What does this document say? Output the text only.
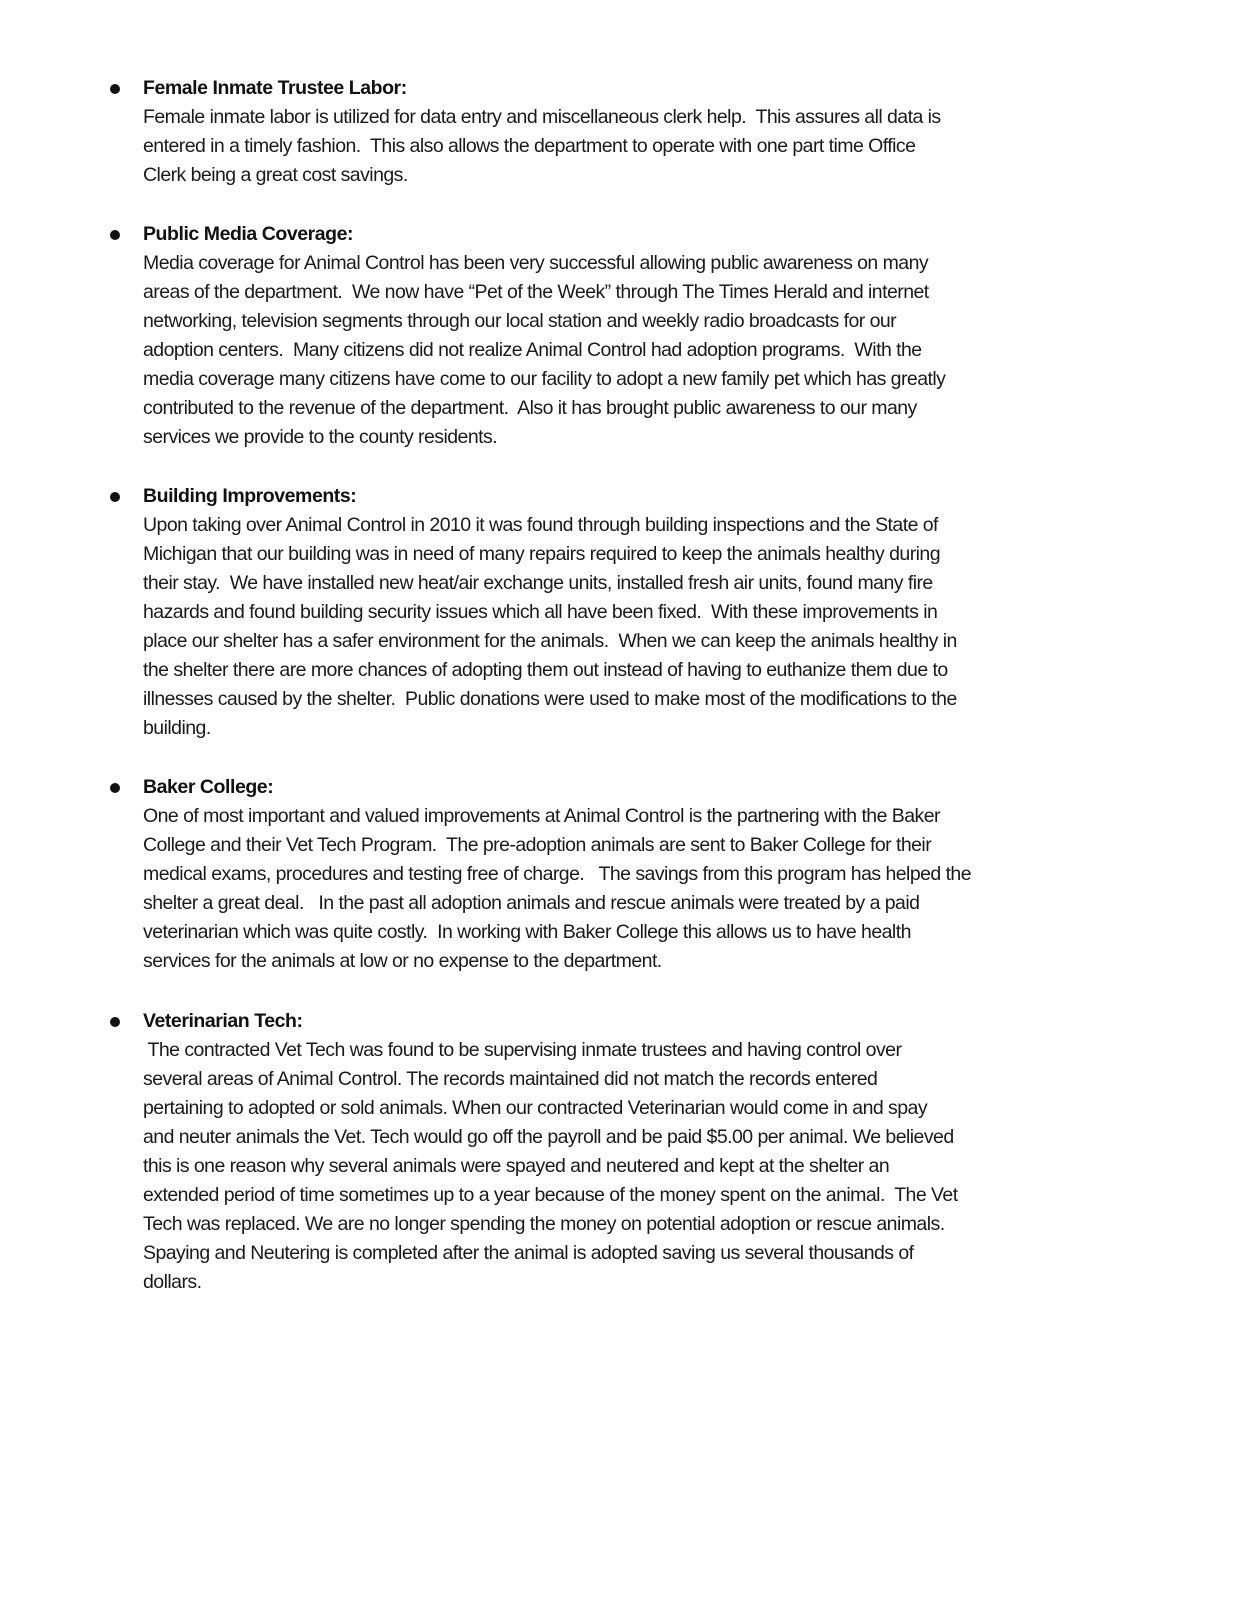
Female Inmate Trustee Labor:
Female inmate labor is utilized for data entry and miscellaneous clerk help.  This assures all data is
entered in a timely fashion.  This also allows the department to operate with one part time Office
Clerk being a great cost savings.
Public Media Coverage:
Media coverage for Animal Control has been very successful allowing public awareness on many
areas of the department.  We now have “Pet of the Week” through The Times Herald and internet
networking, television segments through our local station and weekly radio broadcasts for our
adoption centers.  Many citizens did not realize Animal Control had adoption programs.  With the
media coverage many citizens have come to our facility to adopt a new family pet which has greatly
contributed to the revenue of the department.  Also it has brought public awareness to our many
services we provide to the county residents.
Building Improvements:
Upon taking over Animal Control in 2010 it was found through building inspections and the State of
Michigan that our building was in need of many repairs required to keep the animals healthy during
their stay.  We have installed new heat/air exchange units, installed fresh air units, found many fire
hazards and found building security issues which all have been fixed.  With these improvements in
place our shelter has a safer environment for the animals.  When we can keep the animals healthy in
the shelter there are more chances of adopting them out instead of having to euthanize them due to
illnesses caused by the shelter.  Public donations were used to make most of the modifications to the
building.
Baker College:
One of most important and valued improvements at Animal Control is the partnering with the Baker
College and their Vet Tech Program.  The pre-adoption animals are sent to Baker College for their
medical exams, procedures and testing free of charge.   The savings from this program has helped the
shelter a great deal.   In the past all adoption animals and rescue animals were treated by a paid
veterinarian which was quite costly.  In working with Baker College this allows us to have health
services for the animals at low or no expense to the department.
Veterinarian Tech:
The contracted Vet Tech was found to be supervising inmate trustees and having control over
several areas of Animal Control. The records maintained did not match the records entered
pertaining to adopted or sold animals. When our contracted Veterinarian would come in and spay
and neuter animals the Vet. Tech would go off the payroll and be paid $5.00 per animal. We believed
this is one reason why several animals were spayed and neutered and kept at the shelter an
extended period of time sometimes up to a year because of the money spent on the animal.  The Vet
Tech was replaced. We are no longer spending the money on potential adoption or rescue animals.
Spaying and Neutering is completed after the animal is adopted saving us several thousands of
dollars.
